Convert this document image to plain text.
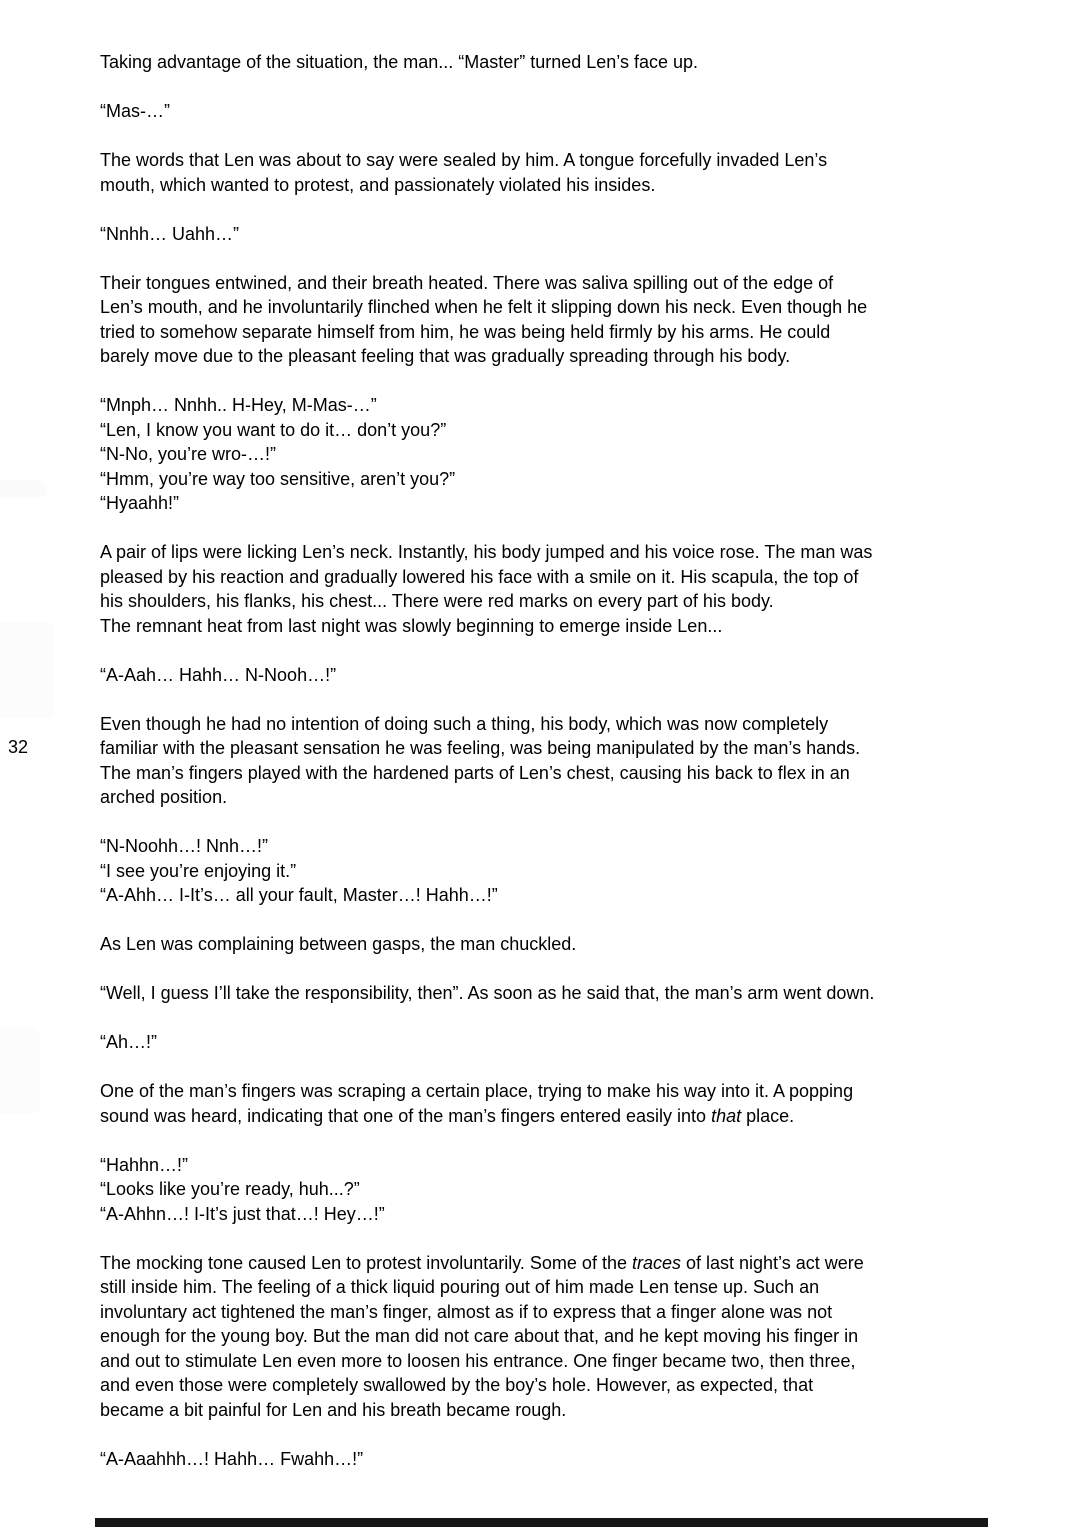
32

Taking advantage of the situation, the man... “Master” turned Len’s face up.

“Mas-…”

The words that Len was about to say were sealed by him. A tongue forcefully invaded Len’s
mouth, which wanted to protest, and passionately violated his insides.

“Nnhh… Uahh…”

Their tongues entwined, and their breath heated. There was saliva spilling out of the edge of
Len’s mouth, and he involuntarily flinched when he felt it slipping down his neck. Even though he
tried to somehow separate himself from him, he was being held firmly by his arms. He could
barely move due to the pleasant feeling that was gradually spreading through his body.

“Mnph… Nnhh.. H-Hey, M-Mas-…”
“Len, I know you want to do it… don’t you?”
“N-No, you’re wro-…!”
“Hmm, you’re way too sensitive, aren’t you?”
“Hyaahh!”

A pair of lips were licking Len’s neck. Instantly, his body jumped and his voice rose. The man was
pleased by his reaction and gradually lowered his face with a smile on it. His scapula, the top of
his shoulders, his flanks, his chest... There were red marks on every part of his body.
The remnant heat from last night was slowly beginning to emerge inside Len...

“A-Aah… Hahh… N-Nooh…!”

Even though he had no intention of doing such a thing, his body, which was now completely
familiar with the pleasant sensation he was feeling, was being manipulated by the man’s hands.
The man’s fingers played with the hardened parts of Len’s chest, causing his back to flex in an
arched position.

“N-Noohh…! Nnh…!”
“I see you’re enjoying it.”
“A-Ahh… I-It’s… all your fault, Master…! Hahh…!”

As Len was complaining between gasps, the man chuckled.

“Well, I guess I’ll take the responsibility, then”. As soon as he said that, the man’s arm went down.

“Ah…!”

One of the man’s fingers was scraping a certain place, trying to make his way into it. A popping
sound was heard, indicating that one of the man’s fingers entered easily into that place.

“Hahhn…!”
“Looks like you’re ready, huh...?”
“A-Ahhn…! I-It’s just that…! Hey…!”

The mocking tone caused Len to protest involuntarily. Some of the traces of last night’s act were
still inside him. The feeling of a thick liquid pouring out of him made Len tense up. Such an
involuntary act tightened the man’s finger, almost as if to express that a finger alone was not
enough for the young boy. But the man did not care about that, and he kept moving his finger in
and out to stimulate Len even more to loosen his entrance. One finger became two, then three,
and even those were completely swallowed by the boy’s hole. However, as expected, that
became a bit painful for Len and his breath became rough.

“A-Aaahhh…! Hahh… Fwahh…!”
